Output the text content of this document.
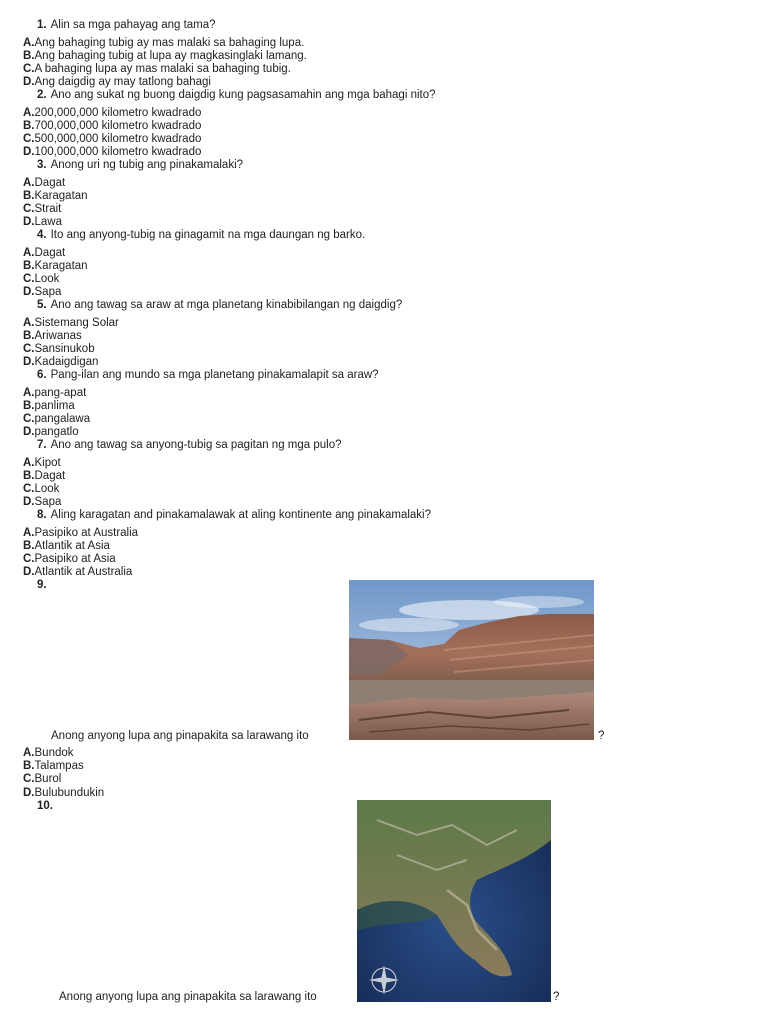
1. Alin sa mga pahayag ang tama?
A.Ang bahaging tubig ay mas malaki sa bahaging lupa.
B.Ang bahaging tubig at lupa ay magkasinglaki lamang.
C.A bahaging lupa ay mas malaki sa bahaging tubig.
D.Ang daigdig ay may tatlong bahagi
2. Ano ang sukat ng buong daigdig kung pagsasamahin ang mga bahagi nito?
A.200,000,000 kilometro kwadrado
B.700,000,000 kilometro kwadrado
C.500,000,000 kilometro kwadrado
D.100,000,000 kilometro kwadrado
3. Anong uri ng tubig ang pinakamalaki?
A.Dagat
B.Karagatan
C.Strait
D.Lawa
4. Ito ang anyong-tubig na ginagamit na mga daungan ng barko.
A.Dagat
B.Karagatan
C.Look
D.Sapa
5. Ano ang tawag sa araw at mga planetang kinabibilangan ng daigdig?
A.Sistemang Solar
B.Ariwanas
C.Sansinukob
D.Kadaigdigan
6. Pang-ilan ang mundo sa mga planetang pinakamalapit sa araw?
A.pang-apat
B.panlima
C.pangalawa
D.pangatlo
7. Ano ang tawag sa anyong-tubig sa pagitan ng mga pulo?
A.Kipot
B.Dagat
C.Look
D.Sapa
8. Aling karagatan and pinakamalawak at aling kontinente ang pinakamalaki?
A.Pasipiko at Australia
B.Atlantik at Asia
C.Pasipiko at Asia
D.Atlantik at Australia
9.
Anong anyong lupa ang pinapakita sa larawang ito	?
A.Bundok
B.Talampas
C.Burol
D.Bulubundukin
10.
Anong anyong lupa ang pinapakita sa larawang ito	?
